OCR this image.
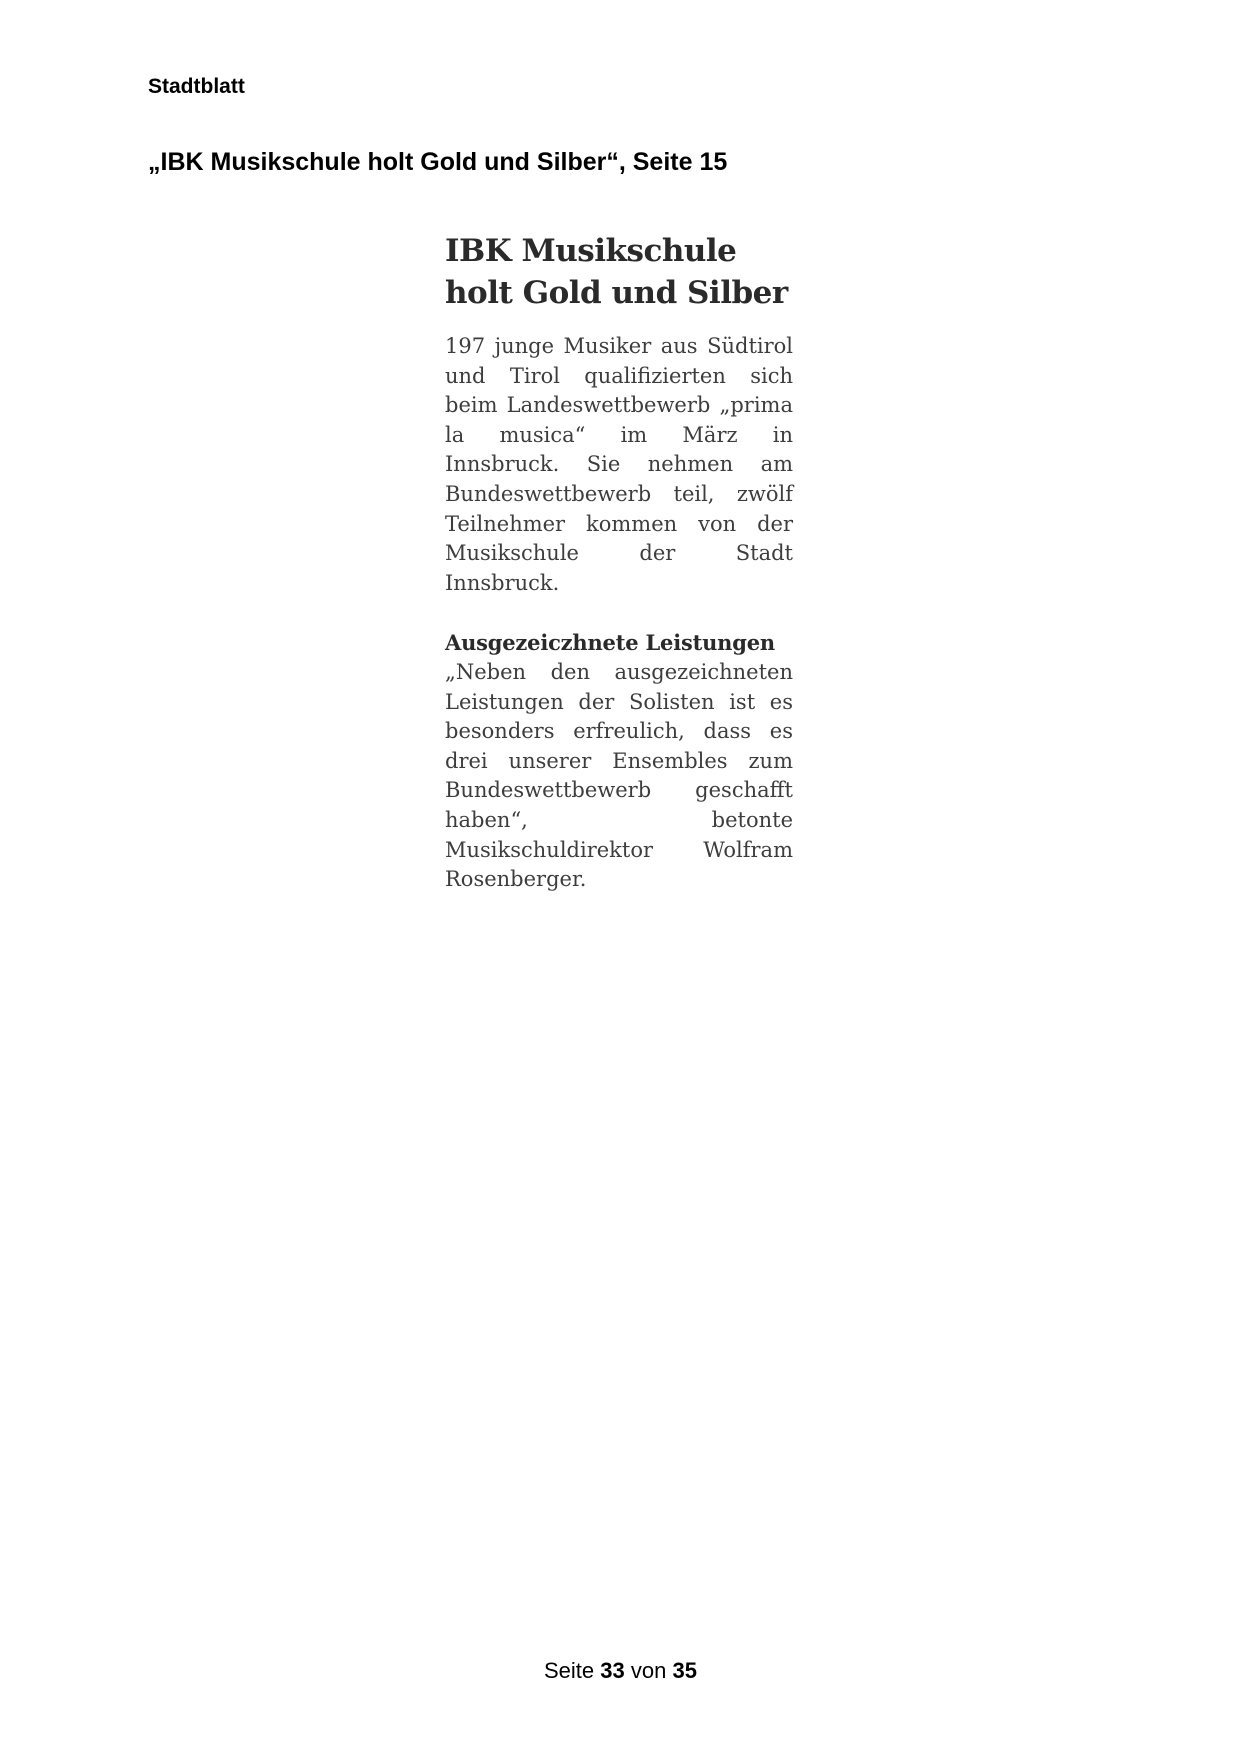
Stadtblatt
„IBK Musikschule holt Gold und Silber“, Seite 15
IBK Musikschule holt Gold und Silber
197 junge Musiker aus Südtirol und Tirol qualifizierten sich beim Landeswettbewerb „prima la musica“ im März in Innsbruck. Sie nehmen am Bundeswettbewerb teil, zwölf Teilnehmer kommen von der Musikschule der Stadt Innsbruck.
Ausgezeiczhnete Leistungen
„Neben den ausgezeichneten Leistungen der Solisten ist es besonders erfreulich, dass es drei unserer Ensembles zum Bundeswettbewerb geschafft haben“, betonte Musikschuldirektor Wolfram Rosenberger.
Seite 33 von 35
